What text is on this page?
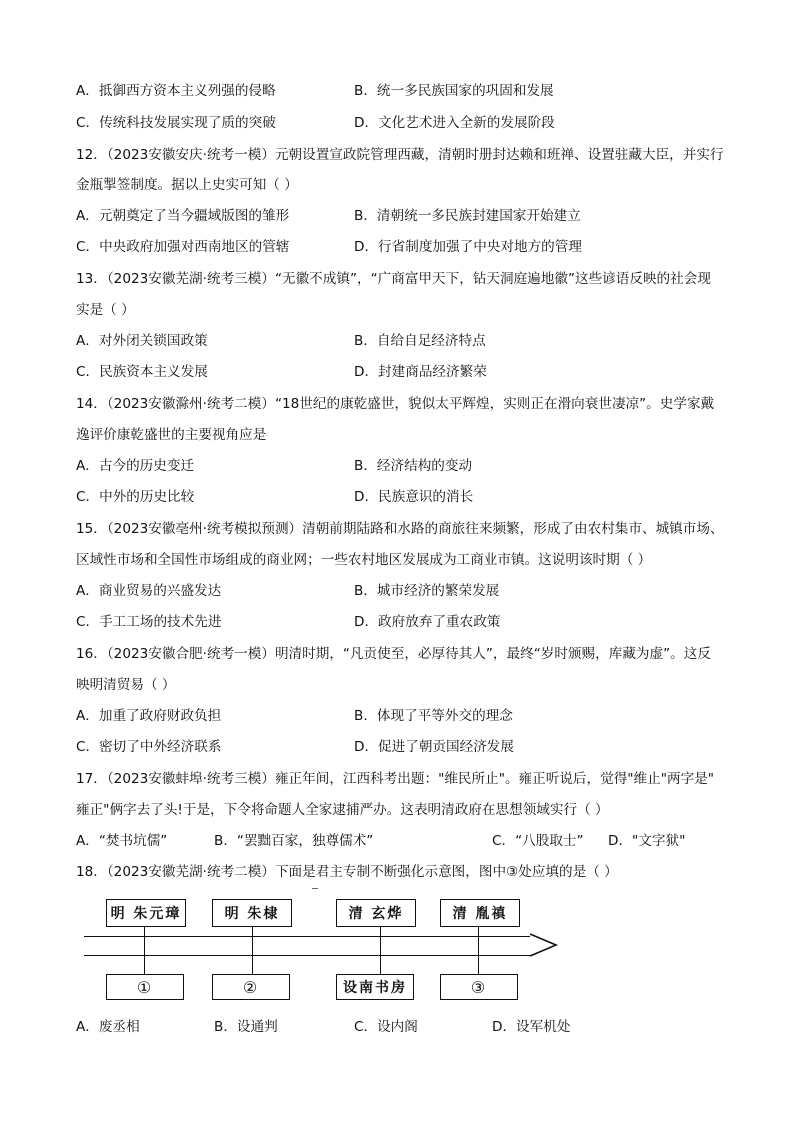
A．抵御西方资本主义列强的侵略	B．统一多民族国家的巩固和发展
C．传统科技发展实现了质的突破	D．文化艺术进入全新的发展阶段
12．（2023安徽安庆·统考一模）元朝设置宣政院管理西藏，清朝时册封达赖和班禅、设置驻藏大臣，并实行
金瓶掣签制度。据以上史实可知（ ）
A．元朝奠定了当今疆域版图的雏形	B．清朝统一多民族封建国家开始建立
C．中央政府加强对西南地区的管辖	D．行省制度加强了中央对地方的管理
13．（2023安徽芜湖·统考三模）“无徽不成镇”，“广商富甲天下，钻天洞庭遍地徽”这些谚语反映的社会现
实是（ ）
A．对外闭关锁国政策	B．自给自足经济特点
C．民族资本主义发展	D．封建商品经济繁荣
14．（2023安徽滁州·统考二模）“18世纪的康乾盛世，貌似太平辉煌，实则正在滑向衰世凄凉”。史学家戴
逸评价康乾盛世的主要视角应是
A．古今的历史变迁	B．经济结构的变动
C．中外的历史比较	D．民族意识的消长
15．（2023安徽亳州·统考模拟预测）清朝前期陆路和水路的商旅往来频繁，形成了由农村集市、城镇市场、
区域性市场和全国性市场组成的商业网；一些农村地区发展成为工商业市镇。这说明该时期（ ）
A．商业贸易的兴盛发达	B．城市经济的繁荣发展
C．手工工场的技术先进	D．政府放弃了重农政策
16．（2023安徽合肥·统考一模）明清时期，“凡贡使至，必厚待其人”，最终“岁时颁赐，库藏为虚”。这反
映明清贸易（ ）
A．加重了政府财政负担	B．体现了平等外交的理念
C．密切了中外经济联系	D．促进了朝贡国经济发展
17．（2023安徽蚌埠·统考三模）雍正年间，江西科考出题："维民所止"。雍正听说后，觉得"维止"两字是"
雍正"俩字去了头!于是，下令将命题人全家逮捕严办。这表明清政府在思想领域实行（ ）
A．“焚书坑儒”	B．“罢黜百家，独尊儒术”	C．“八股取士” D．"文字狱"
18．（2023安徽芜湖·统考二模）下面是君主专制不断强化示意图，图中③处应填的是（ ）
明 朱元璋	明 朱棣	清 玄烨	清 胤禛
①	②	设南书房	③
A．废丞相	B．设通判	C．设内阁	D．设军机处
